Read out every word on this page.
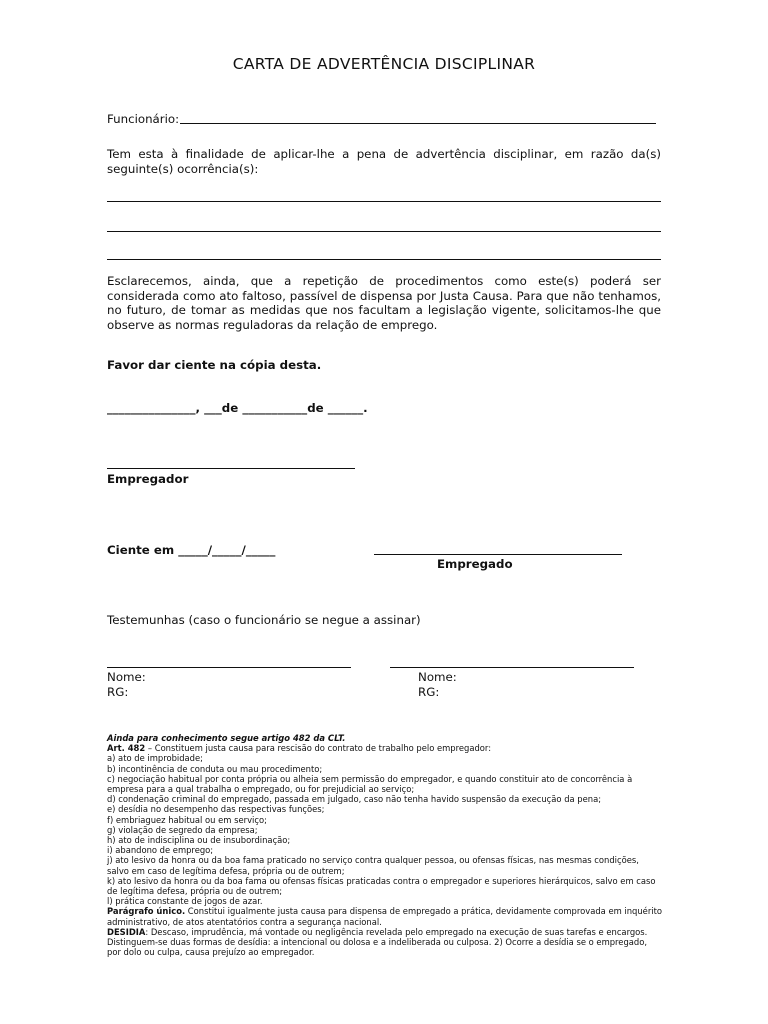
CARTA DE ADVERTÊNCIA DISCIPLINAR
Funcionário:
Tem esta à finalidade de aplicar-lhe a pena de advertência disciplinar, em razão da(s) seguinte(s) ocorrência(s):
Esclarecemos, ainda, que a repetição de procedimentos como este(s) poderá ser considerada como ato faltoso, passível de dispensa por Justa Causa. Para que não tenhamos, no futuro, de tomar as medidas que nos facultam a legislação vigente, solicitamos-lhe que observe as normas reguladoras da relação de emprego.
Favor dar ciente na cópia desta.
_______________, ___de ___________de ______.
Empregador
Ciente em _____/_____/_____
Empregado
Testemunhas (caso o funcionário se negue a assinar)
Nome:
RG:
Nome:
RG:

Ainda para conhecimento segue artigo 482 da CLT.

Art. 482 – Constituem justa causa para rescisão do contrato de trabalho pelo empregador:

a) ato de improbidade;

b) incontinência de conduta ou mau procedimento;

c) negociação habitual por conta própria ou alheia sem permissão do empregador, e quando constituir ato de concorrência à empresa para a qual trabalha o empregado, ou for prejudicial ao serviço;

d) condenação criminal do empregado, passada em julgado, caso não tenha havido suspensão da execução da pena;

e) desídia no desempenho das respectivas funções;

f) embriaguez habitual ou em serviço;

g) violação de segredo da empresa;

h) ato de indisciplina ou de insubordinação;

i) abandono de emprego;

j) ato lesivo da honra ou da boa fama praticado no serviço contra qualquer pessoa, ou ofensas físicas, nas mesmas condições, salvo em caso de legítima defesa, própria ou de outrem;

k) ato lesivo da honra ou da boa fama ou ofensas físicas praticadas contra o empregador e superiores hierárquicos, salvo em caso de legítima defesa, própria ou de outrem;

l) prática constante de jogos de azar.

Parágrafo único. Constitui igualmente justa causa para dispensa de empregado a prática, devidamente comprovada em inquérito administrativo, de atos atentatórios contra a segurança nacional.

DESIDIA: Descaso, imprudência, má vontade ou negligência revelada pelo empregado na execução de suas tarefas e encargos. Distinguem-se duas formas de desídia: a intencional ou dolosa e a indeliberada ou culposa. 2) Ocorre a desídia se o empregado, por dolo ou culpa, causa prejuízo ao empregador.
